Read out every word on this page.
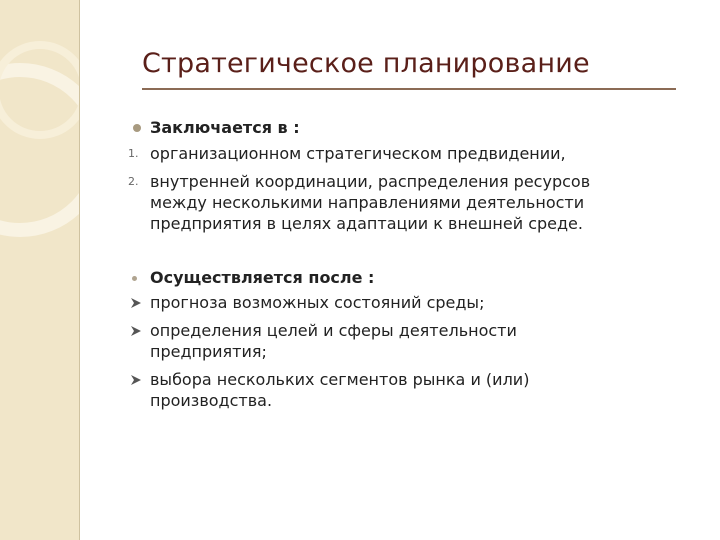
Стратегическое планирование
Заключается в :
1. организационном стратегическом предвидении,
2. внутренней координации, распределения ресурсов
между несколькими направлениями деятельности
предприятия в целях адаптации к внешней среде.
Осуществляется после :
прогноза возможных состояний среды;
определения целей и сферы деятельности
предприятия;
выбора нескольких сегментов рынка и (или)
производства.
